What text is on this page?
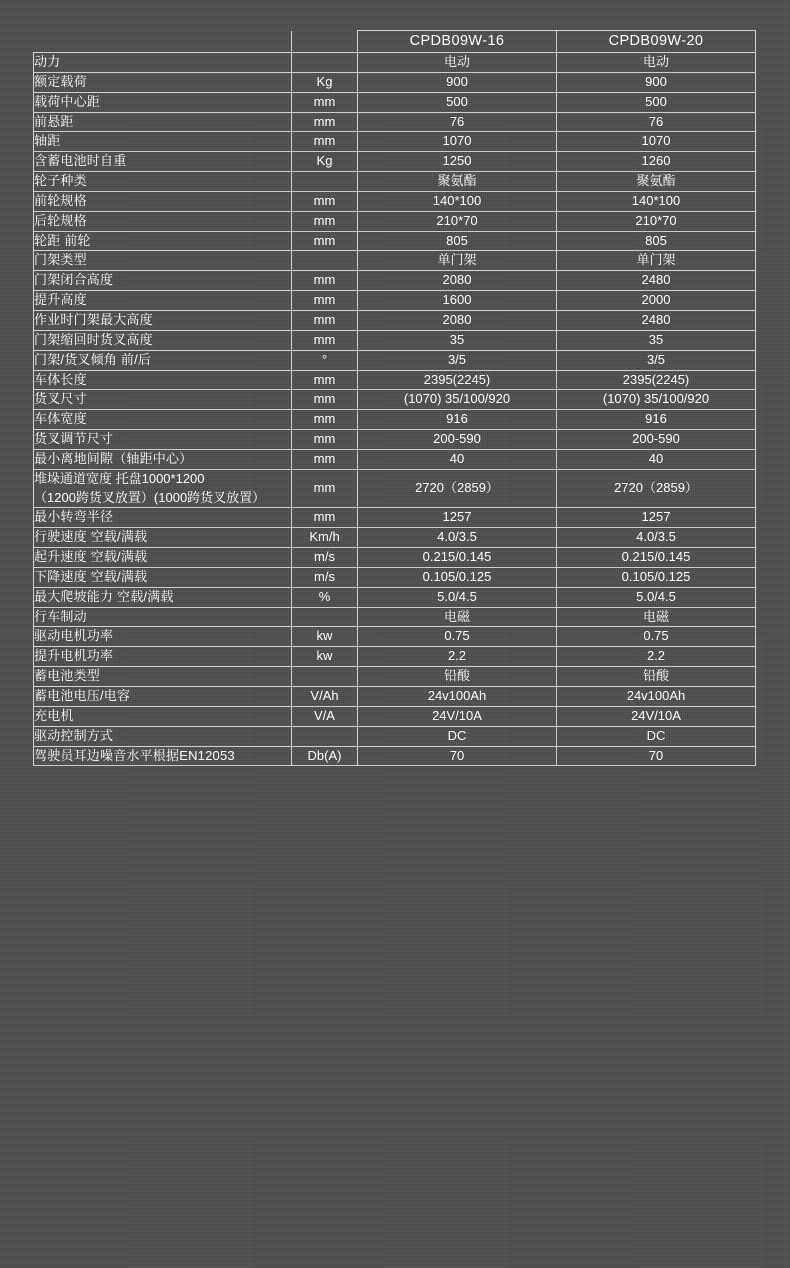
		CPDB09W-16	CPDB09W-20
动力		电动	电动
额定载荷	Kg	900	900
载荷中心距	mm	500	500
前悬距	mm	76	76
轴距	mm	1070	1070
含蓄电池时自重	Kg	1250	1260
轮子种类		聚氨酯	聚氨酯
前轮规格	mm	140*100	140*100
后轮规格	mm	210*70	210*70
轮距 前轮	mm	805	805
门架类型		单门架	单门架
门架闭合高度	mm	2080	2480
提升高度	mm	1600	2000
作业时门架最大高度	mm	2080	2480
门架缩回时货叉高度	mm	35	35
门架/货叉倾角 前/后	°	3/5	3/5
车体长度	mm	2395(2245)	2395(2245)
货叉尺寸	mm	(1070) 35/100/920	(1070) 35/100/920
车体宽度	mm	916	916
货叉调节尺寸	mm	200-590	200-590
最小离地间隙（轴距中心）	mm	40	40

堆垛通道宽度 托盘1000*1200
（1200跨货叉放置）(1000跨货叉放置）	mm	2720（2859）	2720（2859）
最小转弯半径	mm	1257	1257
行驶速度 空载/满载	Km/h	4.0/3.5	4.0/3.5
起升速度 空载/满载	m/s	0.215/0.145	0.215/0.145
下降速度 空载/满载	m/s	0.105/0.125	0.105/0.125
最大爬坡能力 空载/满载	%	5.0/4.5	5.0/4.5
行车制动		电磁	电磁
驱动电机功率	kw	0.75	0.75
提升电机功率	kw	2.2	2.2
蓄电池类型		铅酸	铅酸
蓄电池电压/电容	V/Ah	24v100Ah	24v100Ah
充电机	V/A	24V/10A	24V/10A
驱动控制方式		DC	DC
驾驶员耳边噪音水平根据EN12053	Db(A)	70	70
